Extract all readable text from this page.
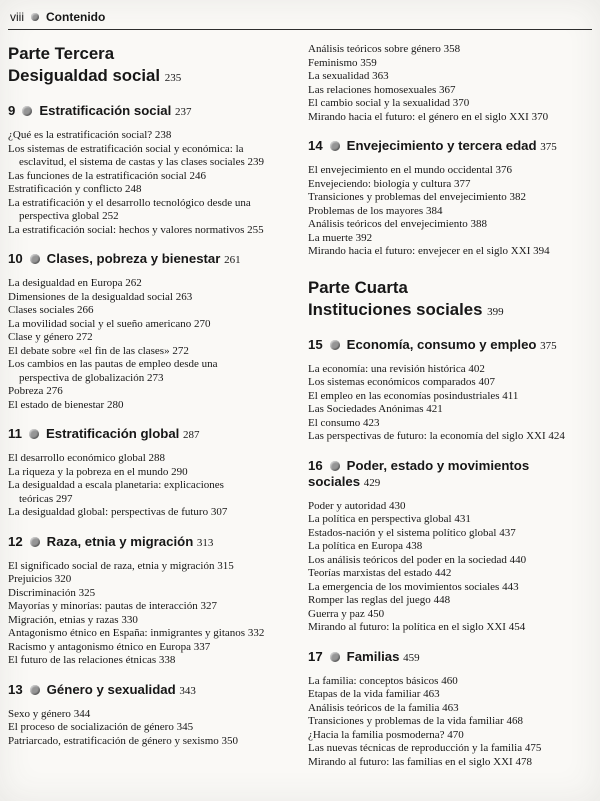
viii Contenido
Parte Tercera
Desigualdad social 235
9 Estratificación social 237
¿Qué es la estratificación social? 238
Los sistemas de estratificación social y económica: la esclavitud, el sistema de castas y las clases sociales 239
Las funciones de la estratificación social 246
Estratificación y conflicto 248
La estratificación y el desarrollo tecnológico desde una perspectiva global 252
La estratificación social: hechos y valores normativos 255
10 Clases, pobreza y bienestar 261
La desigualdad en Europa 262
Dimensiones de la desigualdad social 263
Clases sociales 266
La movilidad social y el sueño americano 270
Clase y género 272
El debate sobre «el fin de las clases» 272
Los cambios en las pautas de empleo desde una perspectiva de globalización 273
Pobreza 276
El estado de bienestar 280
11 Estratificación global 287
El desarrollo económico global 288
La riqueza y la pobreza en el mundo 290
La desigualdad a escala planetaria: explicaciones teóricas 297
La desigualdad global: perspectivas de futuro 307
12 Raza, etnia y migración 313
El significado social de raza, etnia y migración 315
Prejuicios 320
Discriminación 325
Mayorías y minorías: pautas de interacción 327
Migración, etnias y razas 330
Antagonismo étnico en España: inmigrantes y gitanos 332
Racismo y antagonismo étnico en Europa 337
El futuro de las relaciones étnicas 338
13 Género y sexualidad 343
Sexo y género 344
El proceso de socialización de género 345
Patriarcado, estratificación de género y sexismo 350
Análisis teóricos sobre género 358
Feminismo 359
La sexualidad 363
Las relaciones homosexuales 367
El cambio social y la sexualidad 370
Mirando hacia el futuro: el género en el siglo XXI 370
14 Envejecimiento y tercera edad 375
El envejecimiento en el mundo occidental 376
Envejeciendo: biología y cultura 377
Transiciones y problemas del envejecimiento 382
Problemas de los mayores 384
Análisis teóricos del envejecimiento 388
La muerte 392
Mirando hacia el futuro: envejecer en el siglo XXI 394
Parte Cuarta
Instituciones sociales 399
15 Economía, consumo y empleo 375
La economía: una revisión histórica 402
Los sistemas económicos comparados 407
El empleo en las economías posindustriales 411
Las Sociedades Anónimas 421
El consumo 423
Las perspectivas de futuro: la economía del siglo XXI 424
16 Poder, estado y movimientos sociales 429
Poder y autoridad 430
La política en perspectiva global 431
Estados-nación y el sistema político global 437
La política en Europa 438
Los análisis teóricos del poder en la sociedad 440
Teorías marxistas del estado 442
La emergencia de los movimientos sociales 443
Romper las reglas del juego 448
Guerra y paz 450
Mirando al futuro: la política en el siglo XXI 454
17 Familias 459
La familia: conceptos básicos 460
Etapas de la vida familiar 463
Análisis teóricos de la familia 463
Transiciones y problemas de la vida familiar 468
¿Hacia la familia posmoderna? 470
Las nuevas técnicas de reproducción y la familia 475
Mirando al futuro: las familias en el siglo XXI 478
